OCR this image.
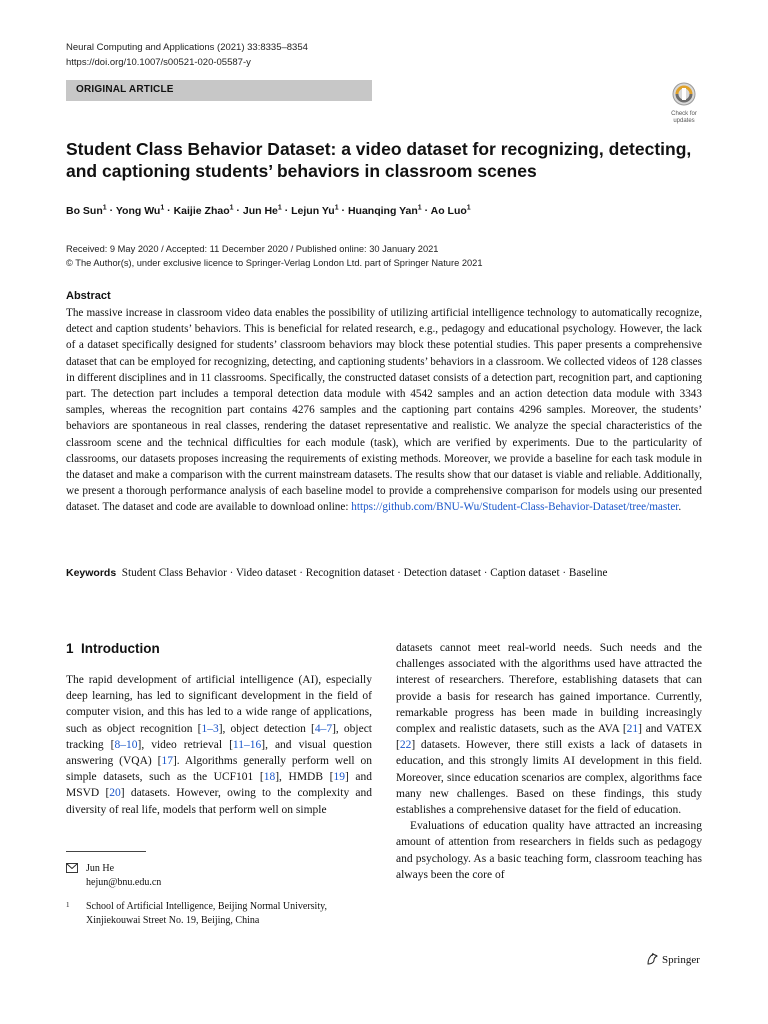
Neural Computing and Applications (2021) 33:8335–8354
https://doi.org/10.1007/s00521-020-05587-y
ORIGINAL ARTICLE
Check for
updates
Student Class Behavior Dataset: a video dataset for recognizing, detecting, and captioning students’ behaviors in classroom scenes
Bo Sun$^1$ · Yong $Wu^1$ · Kaijie Zhao$^1$ · Jun $He^1$ · Lejun $Yu^1$ · Huanqing Yan$^1$ · Ao Luo$^1$
Received: 9 May 2020 / Accepted: 11 December 2020 / Published online: 30 January 2021
© The Author(s), under exclusive licence to Springer-Verlag London Ltd. part of Springer Nature 2021
Abstract

The massive increase in classroom video data enables the possibility of utilizing artificial intelligence technology to automatically recognize, detect and caption students’ behaviors. This is beneficial for related research, e.g., pedagogy and educational psychology. However, the lack of a dataset specifically designed for students’ classroom behaviors may block these potential studies. This paper presents a comprehensive dataset that can be employed for recognizing, detecting, and captioning students’ behaviors in a classroom. We collected videos of 128 classes in different disciplines and in 11 classrooms. Specifically, the constructed dataset consists of a detection part, recognition part, and captioning part. The detection part includes a temporal detection data module with 4542 samples and an action detection data module with 3343 samples, whereas the recognition part contains 4276 samples and the captioning part contains 4296 samples. Moreover, the students’ behaviors are spontaneous in real classes, rendering the dataset representative and realistic. We analyze the special characteristics of the classroom scene and the technical difficulties for each module (task), which are verified by experiments. Due to the particularity of classrooms, our datasets proposes increasing the requirements of existing methods. Moreover, we provide a baseline for each task module in the dataset and make a comparison with the current mainstream datasets. The results show that our dataset is viable and reliable. Additionally, we present a thorough performance analysis of each baseline model to provide a comprehensive comparison for models using our presented dataset. The dataset and code are available to download online: https://github.com/BNU-Wu/Student-Class-Behavior-Dataset/tree/master.

Keywords Student Class Behavior · Video dataset · Recognition dataset · Detection dataset · Caption dataset · Baseline
1 Introduction

The rapid development of artificial intelligence (AI), especially deep learning, has led to significant development in the field of computer vision, and this has led to a wide range of applications, such as object recognition [1–3], object detection [4–7], object tracking [8–10], video retrieval [11–16], and visual question answering (VQA) [17]. Algorithms generally perform well on simple datasets, such as the UCF101 [18], HMDB [19] and MSVD [20] datasets. However, owing to the complexity and diversity of real life, models that perform well on simple

datasets cannot meet real-world needs. Such needs and the challenges associated with the algorithms used have attracted the interest of researchers. Therefore, establishing datasets that can provide a basis for research has gained importance. Currently, remarkable progress has been made in building increasingly complex and realistic datasets, such as the AVA [21] and VATEX [22] datasets. However, there still exists a lack of datasets in education, and this strongly limits AI development in this field. Moreover, since education scenarios are complex, algorithms face many new challenges. Based on these findings, this study establishes a comprehensive dataset for the field of education.

Evaluations of education quality have attracted an increasing amount of attention from researchers in fields such as pedagogy and psychology. As a basic teaching form, classroom teaching has always been the core of

Jun He
hejun@bnu.edu.cn
1 School of Artificial Intelligence, Beijing Normal University,
Xinjiekouwai Street No. 19, Beijing, China
Springer
